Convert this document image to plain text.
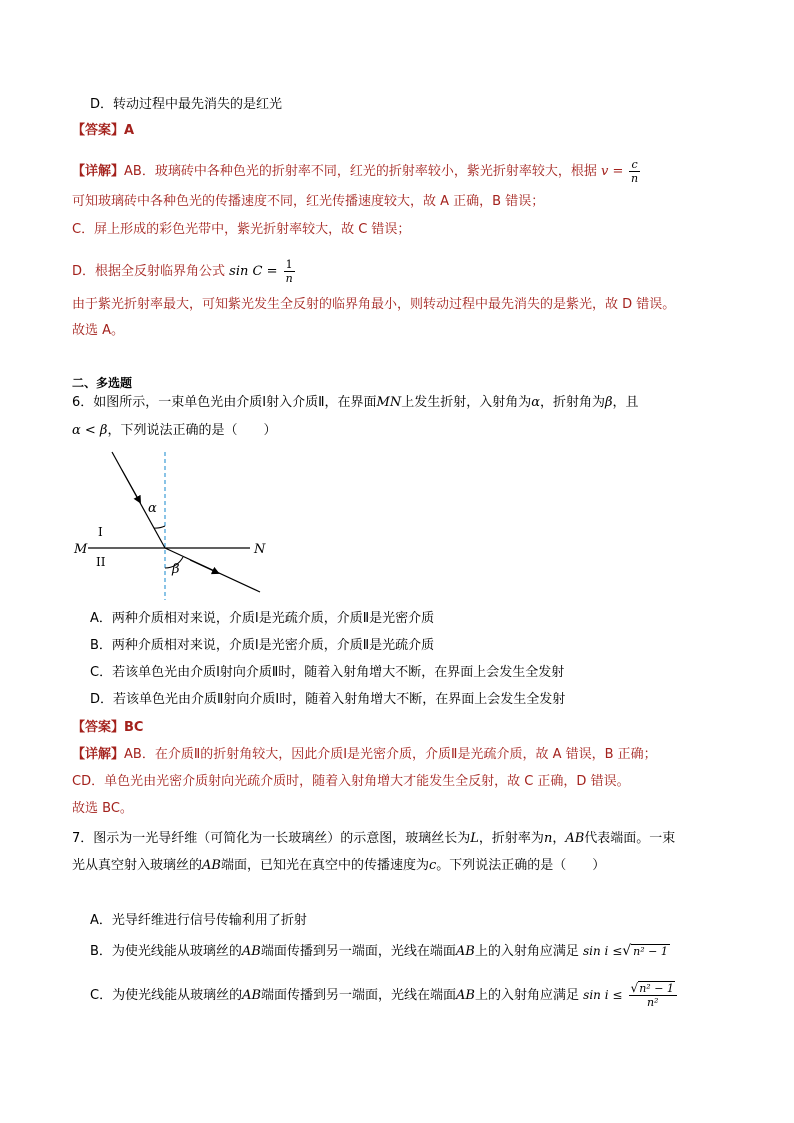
D．转动过程中最先消失的是红光
【答案】A
【详解】AB．玻璃砖中各种色光的折射率不同，红光的折射率较小，紫光折射率较大，根据 $v = \frac{c}{n}$
可知玻璃砖中各种色光的传播速度不同，红光传播速度较大，故 A 正确，B 错误；
C．屏上形成的彩色光带中，紫光折射率较大，故 C 错误；
D．根据全反射临界角公式 $\sin C = \frac{1}{n}$
由于紫光折射率最大，可知紫光发生全反射的临界角最小，则转动过程中最先消失的是紫光，故 D 错误。
故选 A。
二、多选题
6．如图所示，一束单色光由介质Ⅰ射入介质Ⅱ，在界面MN上发生折射，入射角为α，折射角为β，且
α < β，下列说法正确的是（　　）
M	N
I
II
α
β
A．两种介质相对来说，介质Ⅰ是光疏介质，介质Ⅱ是光密介质
B．两种介质相对来说，介质Ⅰ是光密介质，介质Ⅱ是光疏介质
C．若该单色光由介质Ⅰ射向介质Ⅱ时，随着入射角增大不断，在界面上会发生全发射
D．若该单色光由介质Ⅱ射向介质Ⅰ时，随着入射角增大不断，在界面上会发生全发射
【答案】BC
【详解】AB．在介质Ⅱ的折射角较大，因此介质Ⅰ是光密介质，介质Ⅱ是光疏介质，故 A 错误，B 正确；
CD．单色光由光密介质射向光疏介质时，随着入射角增大才能发生全反射，故 C 正确，D 错误。
故选 BC。
7．图示为一光导纤维（可简化为一长玻璃丝）的示意图，玻璃丝长为L，折射率为n，AB代表端面。一束
光从真空射入玻璃丝的AB端面，已知光在真空中的传播速度为c。下列说法正确的是（　　）
A．光导纤维进行信号传输利用了折射
B．为使光线能从玻璃丝的AB端面传播到另一端面，光线在端面AB上的入射角应满足 sin i ≤√ n² − 1
C．为使光线能从玻璃丝的AB端面传播到另一端面，光线在端面AB上的入射角应满足 $\sin i \le \frac{\text{√n² − 1}}{\text{n²}}$
